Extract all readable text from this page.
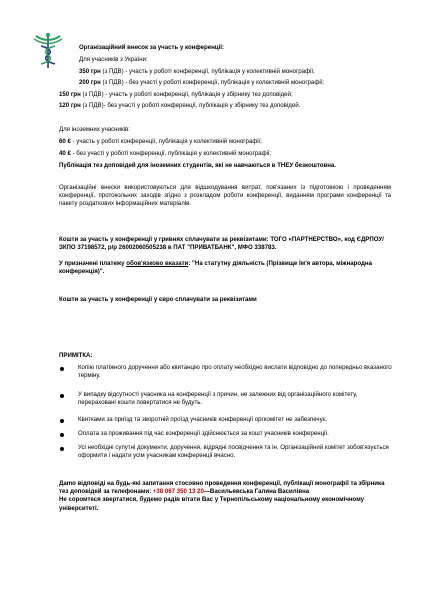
Організаційний внесок за участь у конференції:
Для учасників з України:
350 грн (з ПДВ) - участь у роботі конференції, публікація у колективній монографії;
200 грн (з ПДВ) - без участі у роботі конференції, публікація у колективній монографії;
150 грн (з ПДВ) - участь у роботі конференції, публікація у збірнику тез доповідей;
120 грн (з ПДВ)- без участі у роботі конференції, публікація у збірнику тез доповідей.
Для іноземних учасників:
60 € - участь у роботі конференції, публікація у колективній монографії;
40 € - без участі у роботі конференції, публікація у колективній монографії;
Публікація тез доповідей для іноземних студентів, які не навчаються в ТНЕУ безкоштовна.
Організаційні внески використовуються для відшкодування витрат, пов'язаних із підготовкою і проведенням конференції, протокольних заходів згідно з розкладом роботи конференції, виданням програми конференції та пакету роздаткових інформаційних матеріалів.
Кошти за участь у конференції у гривнях сплачувати за реквізитами: ТОГО «ПАРТНЕРСТВО», код ЄДРПОУ/ЗКПО 37198572, р/р 26002060505238 в ПАТ "ПРИВАТБАНК", МФО 338783.
У призначені платежу обов'язково вказати: "На статутну діяльність (Прізвище Ім'я автора, міжнародна конференція)".
Кошти за участь у конференції у євро сплачувати за реквізитами
ПРИМІТКА:
Копію платіжного доручення або квитанцію про оплату необхідно вислати відповідно до попередньо вказаного терміну.
У випадку відсутності учасника на конференції з причин, не залежних від організаційного комітету, перераховані кошти повертатися не будуть.
Квитками за приїзд та зворотній проїзд учасників конференції оргкомітет не забезпечує.
Оплата за проживання під час конференції здійснюється за кошт учасників конференції.
Усі необхідні супутні документи, доручення, відрядні посвідчення та ін. Організаційний комітет зобов'язується оформити і надати усім учасникам конференції вчасно.
Даmo відповіді на будь-які запитання стосовно проведення конференції, публікації монографії та збірника тез доповідей за телефонами: +38 067 350 13 20—Васильевська Галина Василівна
Не соромтеся звертатися, будемо радів вітати Вас у Тернопільському національному економічному університеті.
